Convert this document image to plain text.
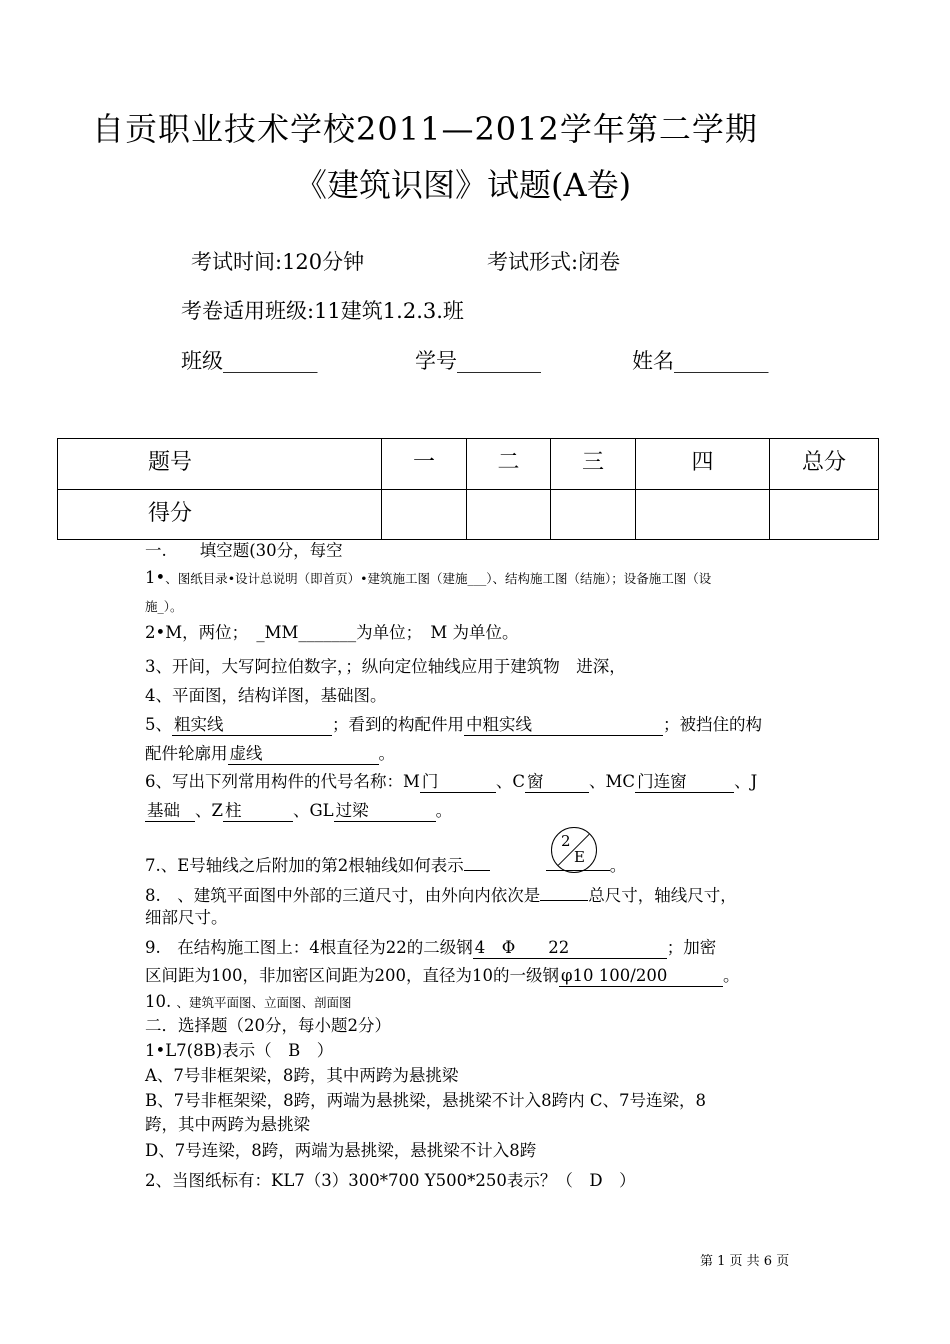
自贡职业技术学校2011—2012学年第二学期
《建筑识图》试题(A卷)
考试时间:120分钟	考试形式:闭卷
考卷适用班级:11建筑1.2.3.班
班级_________	学号________	姓名_________
题号	一	二	三	四	总分
得分					
一.　　填空题(30分，每空
1•、图纸目录•设计总说明（即首页）•建筑施工图（建施___）、结构施工图（结施）；设备施工图（设
施_）。
2•M，两位；　_MM_______为单位；　M 为单位。
3、开间，大写阿拉伯数字，；纵向定位轴线应用于建筑物　进深，
4、平面图，结构详图，基础图。
5、 粗实线	；看到的构配件用 中粗实线	；被挡住的构
配件轮廓用 虚线	。
6、写出下列常用构件的代号名称：M 门	、C 窗	、MC 门连窗	、J
基础 、Z 柱	、GL 过梁	。
7.、E号轴线之后附加的第2根轴线如何表示	。
2
E
8.　、建筑平面图中外部的三道尺寸，由外向内依次是	总尺寸，轴线尺寸，
细部尺寸。
9.　在结构施工图上：4根直径为22的二级钢 4　Φ　　22	；加密
区间距为100，非加密区间距为200，直径为10的一级钢 φ10 100/200	。
10. 、建筑平面图、立面图、剖面图
二．选择题（20分，每小题2分）
1•L7(8B)表示（　B　）
A、7号非框架梁，8跨，其中两跨为悬挑梁
B、7号非框架梁，8跨，两端为悬挑梁，悬挑梁不计入8跨内 C、7号连梁，8
跨，其中两跨为悬挑梁
D、7号连梁，8跨，两端为悬挑梁，悬挑梁不计入8跨
2、当图纸标有：KL7（3）300*700 Y500*250表示？（　D　）
第 1 页 共 6 页
